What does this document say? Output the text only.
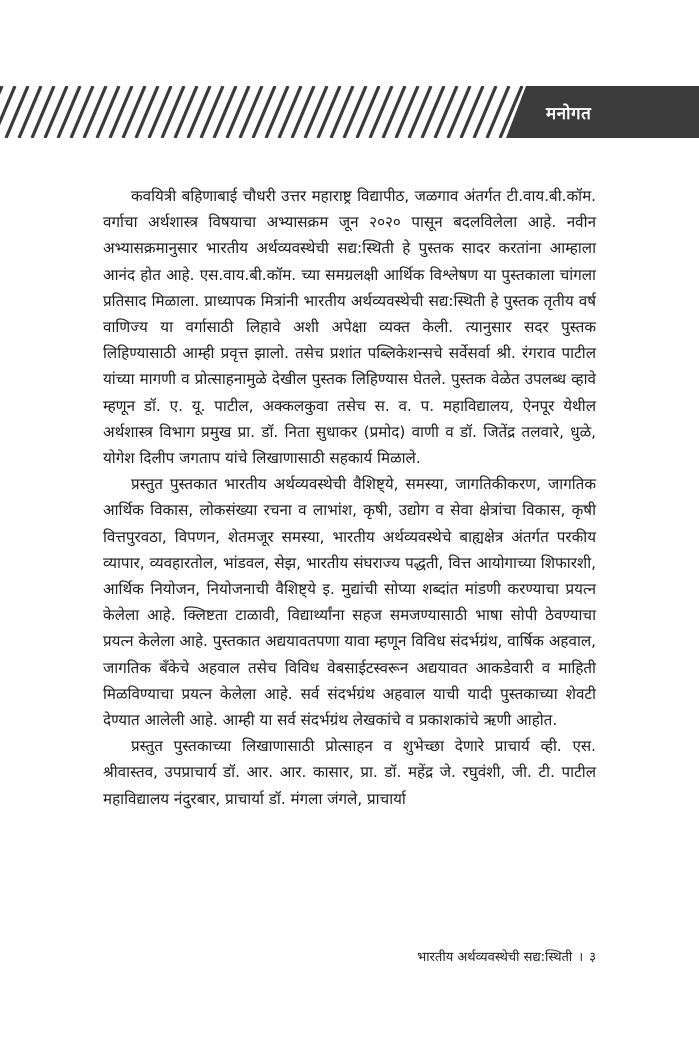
मनोगत

कवयित्री बहिणाबाई चौधरी उत्तर महाराष्ट्र विद्यापीठ, जळगाव अंतर्गत टी.वाय.बी.कॉम. वर्गाचा अर्थशास्त्र विषयाचा अभ्यासक्रम जून २०२० पासून बदलविलेला आहे. नवीन अभ्यासक्रमानुसार भारतीय अर्थव्यवस्थेची सद्य:स्थिती हे पुस्तक सादर करतांना आम्हाला आनंद होत आहे. एस.वाय.बी.कॉम. च्या समग्रलक्षी आर्थिक विश्लेषण या पुस्तकाला चांगला प्रतिसाद मिळाला. प्राध्यापक मित्रांनी भारतीय अर्थव्यवस्थेची सद्य:स्थिती हे पुस्तक तृतीय वर्ष वाणिज्य या वर्गासाठी लिहावे अशी अपेक्षा व्यक्त केली. त्यानुसार सदर पुस्तक लिहिण्यासाठी आम्ही प्रवृत्त झालो. तसेच प्रशांत पब्लिकेशन्सचे सर्वेसर्वा श्री. रंगराव पाटील यांच्या मागणी व प्रोत्साहनामुळे देखील पुस्तक लिहिण्यास घेतले. पुस्तक वेळेत उपलब्ध व्हावे म्हणून डॉ. ए. यू. पाटील, अक्कलकुवा तसेच स. व. प. महाविद्यालय, ऐनपूर येथील अर्थशास्त्र विभाग प्रमुख प्रा. डॉ. निता सुधाकर (प्रमोद) वाणी व डॉ. जितेंद्र तलवारे, धुळे, योगेश दिलीप जगताप यांचे लिखाणासाठी सहकार्य मिळाले.

प्रस्तुत पुस्तकात भारतीय अर्थव्यवस्थेची वैशिष्ट्ये, समस्या, जागतिकीकरण, जागतिक आर्थिक विकास, लोकसंख्या रचना व लाभांश, कृषी, उद्योग व सेवा क्षेत्रांचा विकास, कृषी वित्तपुरवठा, विपणन, शेतमजूर समस्या, भारतीय अर्थव्यवस्थेचे बाह्यक्षेत्र अंतर्गत परकीय व्यापार, व्यवहारतोल, भांडवल, सेझ, भारतीय संघराज्य पद्धती, वित्त आयोगाच्या शिफारशी, आर्थिक नियोजन, नियोजनाची वैशिष्ट्ये इ. मुद्यांची सोप्या शब्दांत मांडणी करण्याचा प्रयत्न केलेला आहे. क्लिष्टता टाळावी, विद्यार्थ्यांना सहज समजण्यासाठी भाषा सोपी ठेवण्याचा प्रयत्न केलेला आहे. पुस्तकात अद्ययावतपणा यावा म्हणून विविध संदर्भग्रंथ, वार्षिक अहवाल, जागतिक बँकेचे अहवाल तसेच विविध वेबसाईटस्वरून अद्ययावत आकडेवारी व माहिती मिळविण्याचा प्रयत्न केलेला आहे. सर्व संदर्भग्रंथ अहवाल याची यादी पुस्तकाच्या शेवटी देण्यात आलेली आहे. आम्ही या सर्व संदर्भग्रंथ लेखकांचे व प्रकाशकांचे ऋणी आहोत.

प्रस्तुत पुस्तकाच्या लिखाणासाठी प्रोत्साहन व शुभेच्छा देणारे प्राचार्य व्ही. एस. श्रीवास्तव, उपप्राचार्य डॉ. आर. आर. कासार, प्रा. डॉ. महेंद्र जे. रघुवंशी, जी. टी. पाटील महाविद्यालय नंदुरबार, प्राचार्या डॉ. मंगला जंगले, प्राचार्या

भारतीय अर्थव्यवस्थेची सद्य:स्थिती । ३
